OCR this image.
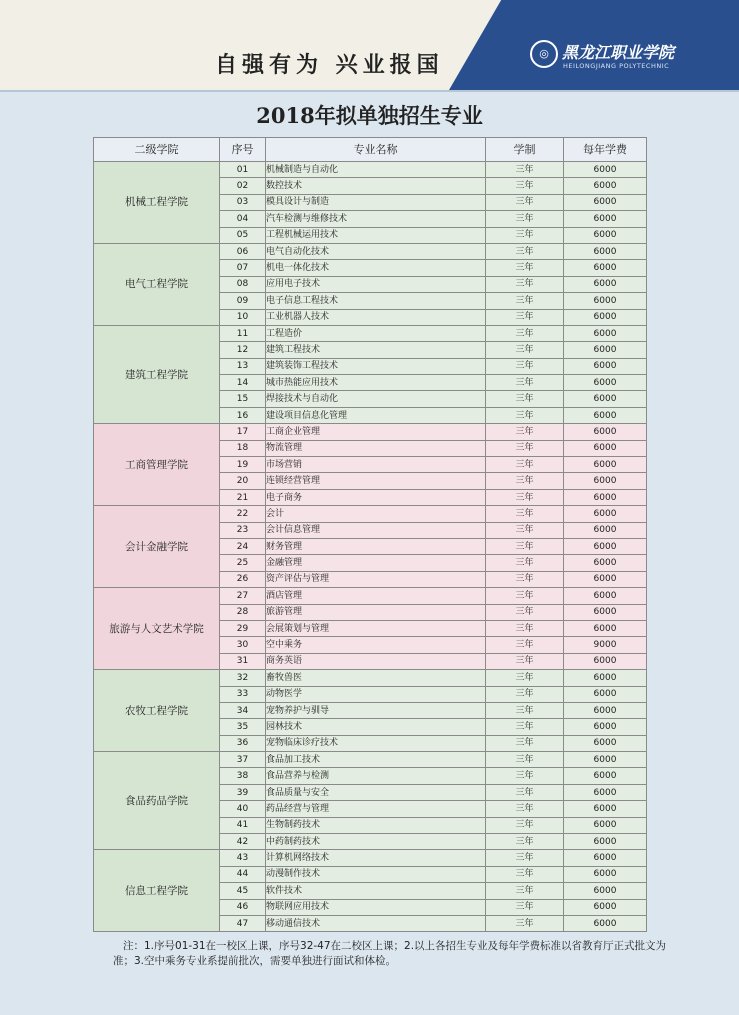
自强有为 兴业报国	◎ 黑龙江职业学院
HEILONGJIANG POLYTECHNIC
2018年拟单独招生专业
二级学院	序号	专业名称	学制	每年学费
机械工程学院	01	机械制造与自动化	三年	6000
	02	数控技术	三年	6000
	03	模具设计与制造	三年	6000
	04	汽车检测与维修技术	三年	6000
	05	工程机械运用技术	三年	6000
电气工程学院	06	电气自动化技术	三年	6000
	07	机电一体化技术	三年	6000
	08	应用电子技术	三年	6000
	09	电子信息工程技术	三年	6000
	10	工业机器人技术	三年	6000
建筑工程学院	11	工程造价	三年	6000
	12	建筑工程技术	三年	6000
	13	建筑装饰工程技术	三年	6000
	14	城市热能应用技术	三年	6000
	15	焊接技术与自动化	三年	6000
	16	建设项目信息化管理	三年	6000
工商管理学院	17	工商企业管理	三年	6000
	18	物流管理	三年	6000
	19	市场营销	三年	6000
	20	连锁经营管理	三年	6000
	21	电子商务	三年	6000
会计金融学院	22	会计	三年	6000
	23	会计信息管理	三年	6000
	24	财务管理	三年	6000
	25	金融管理	三年	6000
	26	资产评估与管理	三年	6000
旅游与人文艺术学院	27	酒店管理	三年	6000
	28	旅游管理	三年	6000
	29	会展策划与管理	三年	6000
	30	空中乘务	三年	9000
	31	商务英语	三年	6000
农牧工程学院	32	畜牧兽医	三年	6000
	33	动物医学	三年	6000
	34	宠物养护与驯导	三年	6000
	35	园林技术	三年	6000
	36	宠物临床诊疗技术	三年	6000
食品药品学院	37	食品加工技术	三年	6000
	38	食品营养与检测	三年	6000
	39	食品质量与安全	三年	6000
	40	药品经营与管理	三年	6000
	41	生物制药技术	三年	6000
	42	中药制药技术	三年	6000
信息工程学院	43	计算机网络技术	三年	6000
	44	动漫制作技术	三年	6000
	45	软件技术	三年	6000
	46	物联网应用技术	三年	6000
	47	移动通信技术	三年	6000
注：1.序号01-31在一校区上课，序号32-47在二校区上课；2.以上各招生专业及每年学费标准以省教育厅正式批文为准；3.空中乘务专业系提前批次，需要单独进行面试和体检。
